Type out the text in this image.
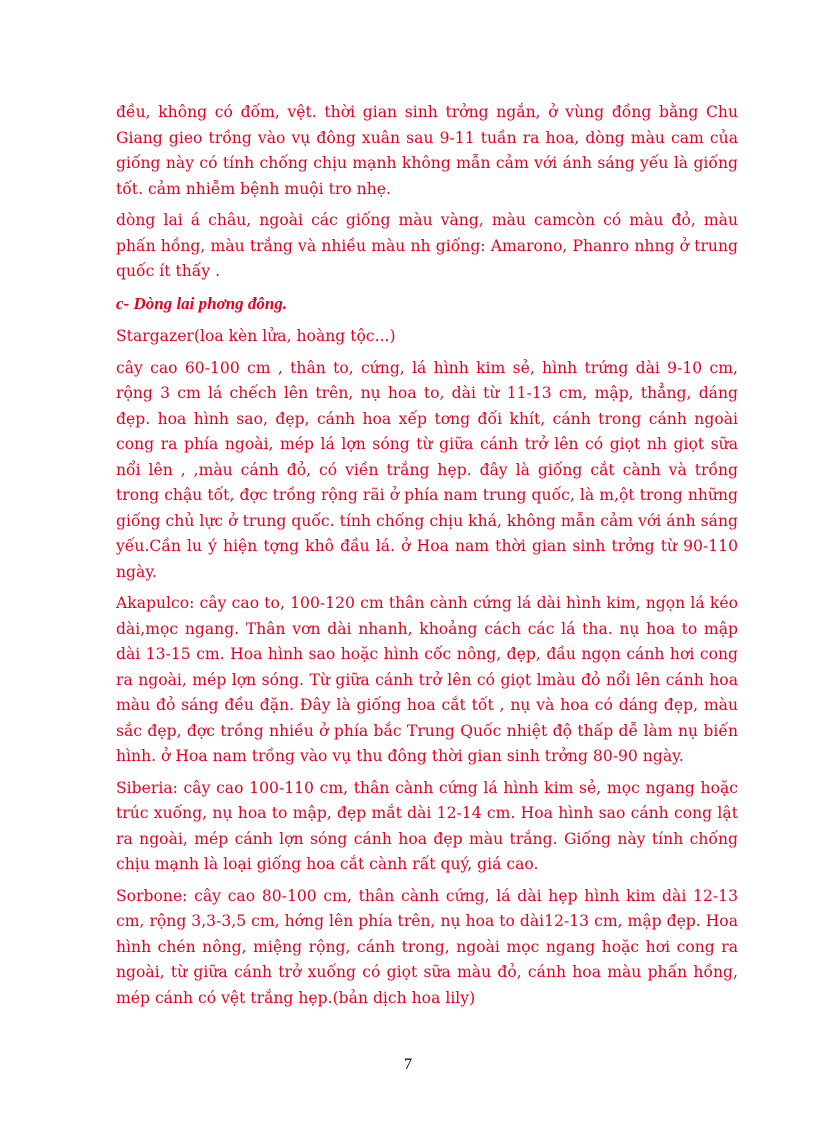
đều, không có đốm, vệt. thời gian sinh trởng ngắn, ở vùng đồng bằng Chu Giang gieo trồng vào vụ đông xuân sau 9-11 tuần ra hoa, dòng màu cam của giống này có tính chống chịu mạnh không mẫn cảm với ánh sáng yếu là giống tốt. cảm nhiễm bệnh muội tro nhẹ.

dòng lai á châu, ngoài các giống màu vàng, màu camcòn có màu đỏ, màu phấn hồng, màu trắng và nhiều màu nh giống: Amarono, Phanro nhng ở trung quốc ít thấy .

c- Dòng lai phơng đông.

Stargazer(loa kèn lửa, hoàng tộc...)

cây cao 60-100 cm , thân to, cứng, lá hình kim sẻ, hình trứng dài 9-10 cm, rộng 3 cm lá chếch lên trên, nụ hoa to, dài từ 11-13 cm, mập, thẳng, dáng đẹp. hoa hình sao, đẹp, cánh hoa xếp tơng đối khít, cánh trong cánh ngoài cong ra phía ngoài, mép lá lợn sóng từ giữa cánh trở lên có giọt nh giọt sữa nổi lên , ,màu cánh đỏ, có viền trắng hẹp. đây là giống cắt cành và trồng trong chậu tốt, đợc trồng rộng rãi ở phía nam trung quốc, là m,ột trong những giống chủ lực ở trung quốc. tính chống chịu khá, không mẫn cảm với ánh sáng yếu.Cần lu ý hiện tợng khô đầu lá. ở Hoa nam thời gian sinh trởng từ 90-110 ngày.

Akapulco: cây cao to, 100-120 cm thân cành cứng lá dài hình kim, ngọn lá kéo dài,mọc ngang. Thân vơn dài nhanh, khoảng cách các lá tha. nụ hoa to mập dài 13-15 cm. Hoa hình sao hoặc hình cốc nông, đẹp, đầu ngọn cánh hơi cong ra ngoài, mép lợn sóng. Từ giữa cánh trở lên có giọt lmàu đỏ nổi lên cánh hoa màu đỏ sáng đều đặn. Đây là giống hoa cắt tốt , nụ và hoa có dáng đẹp, màu sắc đẹp, đợc trồng nhiều ở phía bắc Trung Quốc nhiệt độ thấp dễ làm nụ biến hình. ở Hoa nam trồng vào vụ thu đông thời gian sinh trởng 80-90 ngày.

Siberia: cây cao 100-110 cm, thân cành cứng lá hình kim sẻ, mọc ngang hoặc trúc xuống, nụ hoa to mập, đẹp mắt dài 12-14 cm. Hoa hình sao cánh cong lật ra ngoài, mép cánh lợn sóng cánh hoa đẹp màu trắng. Giống này tính chống chịu mạnh là loại giống hoa cắt cành rất quý, giá cao.

Sorbone: cây cao 80-100 cm, thân cành cứng, lá dài hẹp hình kim dài 12-13 cm, rộng 3,3-3,5 cm, hớng lên phía trên, nụ hoa to dài12-13 cm, mập đẹp. Hoa hình chén nông, miệng rộng, cánh trong, ngoài mọc ngang hoặc hơi cong ra ngoài, từ giữa cánh trở xuống có giọt sữa màu đỏ, cánh hoa màu phấn hồng, mép cánh có vệt trắng hẹp.(bản dịch hoa lily)

7
